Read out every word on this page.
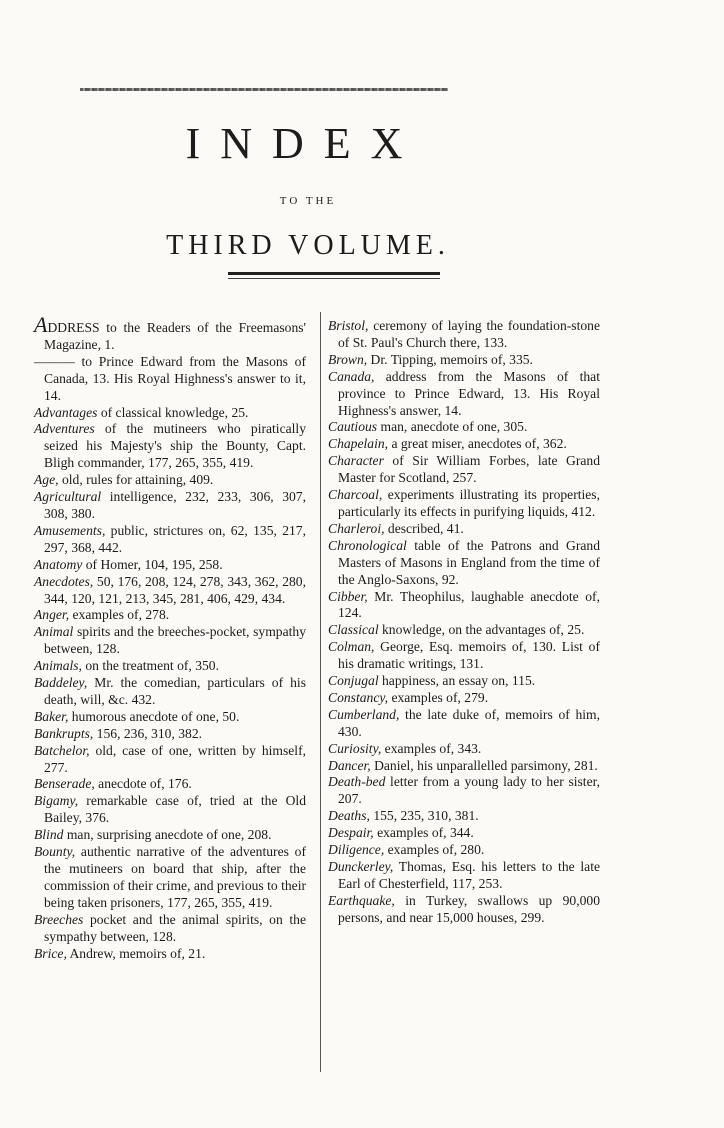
INDEX
TO THE
THIRD VOLUME.

ADDRESS to the Readers of the Freemasons' Magazine, 1.

——— to Prince Edward from the Masons of Canada, 13. His Royal Highness's answer to it, 14.

Advantages of classical knowledge, 25.

Adventures of the mutineers who piratically seized his Majesty's ship the Bounty, Capt. Bligh commander, 177, 265, 355, 419.

Age, old, rules for attaining, 409.

Agricultural intelligence, 232, 233, 306, 307, 308, 380.

Amusements, public, strictures on, 62, 135, 217, 297, 368, 442.

Anatomy of Homer, 104, 195, 258.

Anecdotes, 50, 176, 208, 124, 278, 343, 362, 280, 344, 120, 121, 213, 345, 281, 406, 429, 434.

Anger, examples of, 278.

Animal spirits and the breeches-pocket, sympathy between, 128.

Animals, on the treatment of, 350.

Baddeley, Mr. the comedian, particulars of his death, will, &c. 432.

Baker, humorous anecdote of one, 50.

Bankrupts, 156, 236, 310, 382.

Batchelor, old, case of one, written by himself, 277.

Benserade, anecdote of, 176.

Bigamy, remarkable case of, tried at the Old Bailey, 376.

Blind man, surprising anecdote of one, 208.

Bounty, authentic narrative of the adventures of the mutineers on board that ship, after the commission of their crime, and previous to their being taken prisoners, 177, 265, 355, 419.

Breeches pocket and the animal spirits, on the sympathy between, 128.

Brice, Andrew, memoirs of, 21.

Bristol, ceremony of laying the foundation-stone of St. Paul's Church there, 133.

Brown, Dr. Tipping, memoirs of, 335.

Canada, address from the Masons of that province to Prince Edward, 13. His Royal Highness's answer, 14.

Cautious man, anecdote of one, 305.

Chapelain, a great miser, anecdotes of, 362.

Character of Sir William Forbes, late Grand Master for Scotland, 257.

Charcoal, experiments illustrating its properties, particularly its effects in purifying liquids, 412.

Charleroi, described, 41.

Chronological table of the Patrons and Grand Masters of Masons in England from the time of the Anglo-Saxons, 92.

Cibber, Mr. Theophilus, laughable anecdote of, 124.

Classical knowledge, on the advantages of, 25.

Colman, George, Esq. memoirs of, 130. List of his dramatic writings, 131.

Conjugal happiness, an essay on, 115.

Constancy, examples of, 279.

Cumberland, the late duke of, memoirs of him, 430.

Curiosity, examples of, 343.

Dancer, Daniel, his unparallelled parsimony, 281.

Death-bed letter from a young lady to her sister, 207.

Deaths, 155, 235, 310, 381.

Despair, examples of, 344.

Diligence, examples of, 280.

Dunckerley, Thomas, Esq. his letters to the late Earl of Chesterfield, 117, 253.

Earthquake, in Turkey, swallows up 90,000 persons, and near 15,000 houses, 299.
